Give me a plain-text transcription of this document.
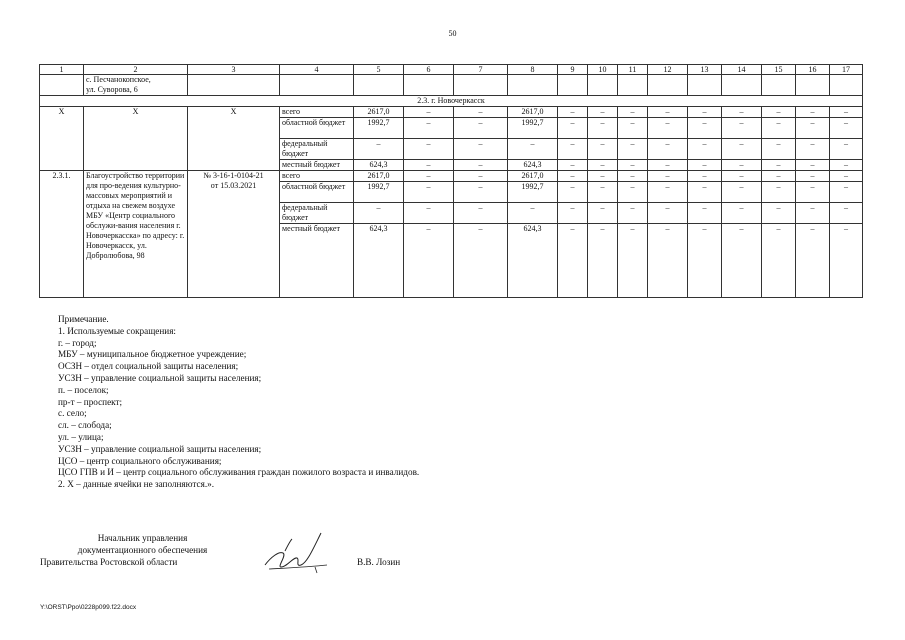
50
1	2	3	4	5	6	7	8	9	10	11	12	13	14	15	16	17
	с. Песчанокопское,
ул. Суворова, 6															
2.3. г. Новочеркасск																
X	X	X	всего	2617,0	–	–	2617,0	–	–	–	–	–	–	–	–	–
			областной бюджет	1992,7	–	–	1992,7	–	–	–	–	–	–	–	–	–
			федеральный бюджет	–	–	–	–	–	–	–	–	–	–	–	–	–
			местный бюджет	624,3	–	–	624,3	–	–	–	–	–	–	–	–	–
2.3.1.	Благоустройство территории для про-ведения культурно-массовых мероприятий и отдыха на свежем воздухе МБУ «Центр социального обслужи-вания населения г. Новочеркасска» по адресу: г. Новочеркасск, ул. Добролюбова, 98	№ 3-16-1-0104-21
от 15.03.2021	всего	2617,0	–	–	2617,0	–	–	–	–	–	–	–	–	–
			областной бюджет	1992,7	–	–	1992,7	–	–	–	–	–	–	–	–	–
			федеральный бюджет	–	–	–	–	–	–	–	–	–	–	–	–	–
			местный бюджет	624,3	–	–	624,3	–	–	–	–	–	–	–	–	–
Примечание.
1. Используемые сокращения:
г. – город;
МБУ – муниципальное бюджетное учреждение;
ОСЗН – отдел социальной защиты населения;
УСЗН – управление социальной защиты населения;
п. – поселок;
пр-т – проспект;
с. село;
сл. – слобода;
ул. – улица;
УСЗН – управление социальной защиты населения;
ЦСО – центр социального обслуживания;
ЦСО ГПВ и И – центр социального обслуживания граждан пожилого возраста и инвалидов.
2. Х – данные ячейки не заполняются.».
Начальник управления
документационного обеспечения
Правительства Ростовской области	В.В. Лозин
Y:\ORST\Ppo\0228p099.f22.docx
